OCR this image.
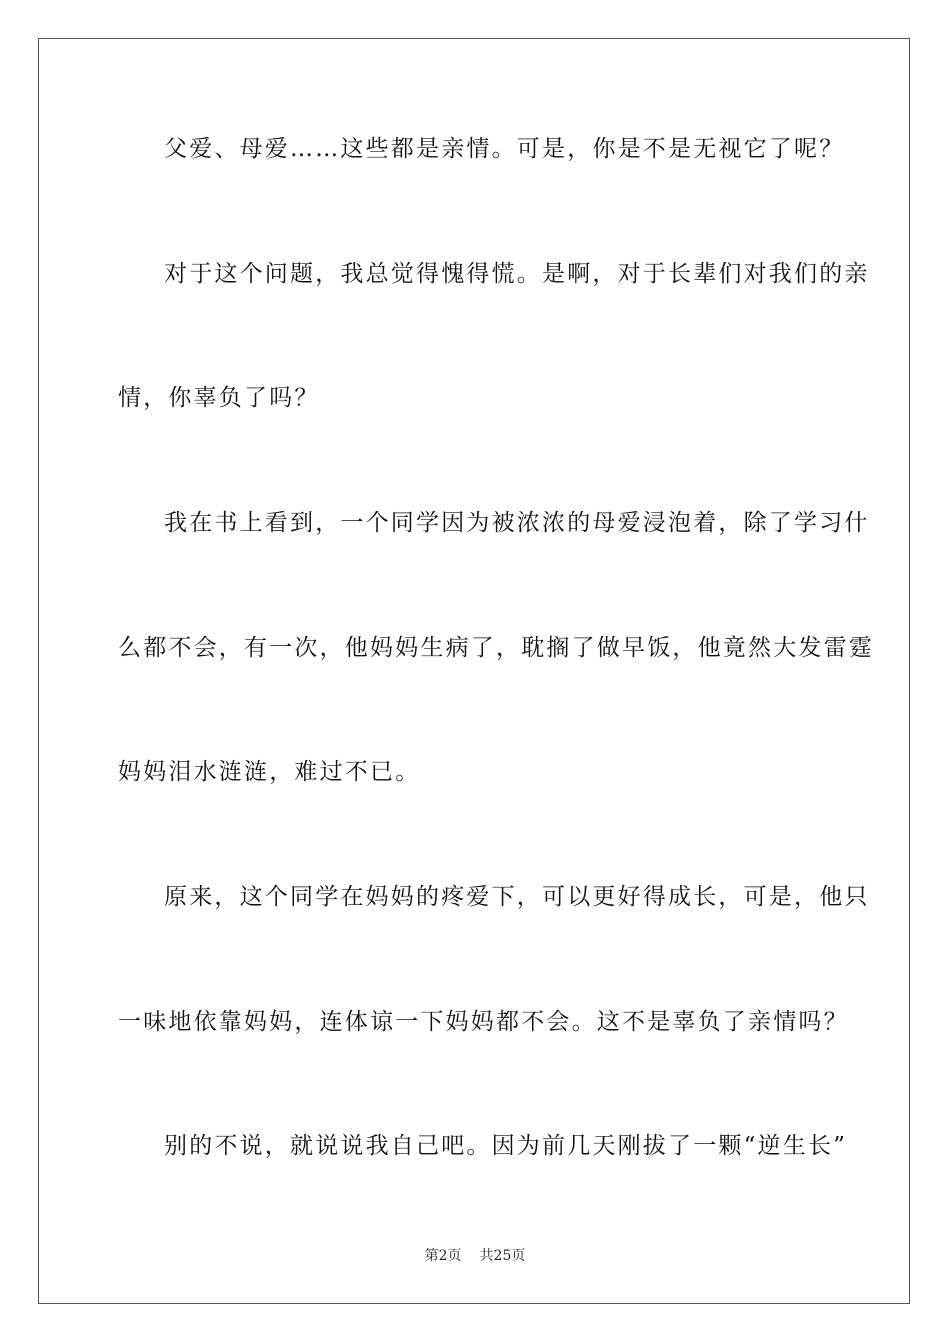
父爱、母爱……这些都是亲情。可是，你是不是无视它了呢？
对于这个问题，我总觉得愧得慌。是啊，对于长辈们对我们的亲
情，你辜负了吗？
我在书上看到，一个同学因为被浓浓的母爱浸泡着，除了学习什
么都不会，有一次，他妈妈生病了，耽搁了做早饭，他竟然大发雷霆
妈妈泪水涟涟，难过不已。
原来，这个同学在妈妈的疼爱下，可以更好得成长，可是，他只
一味地依靠妈妈，连体谅一下妈妈都不会。这不是辜负了亲情吗？
别的不说，就说说我自己吧。因为前几天刚拔了一颗“逆生长”
第2页 共25页
